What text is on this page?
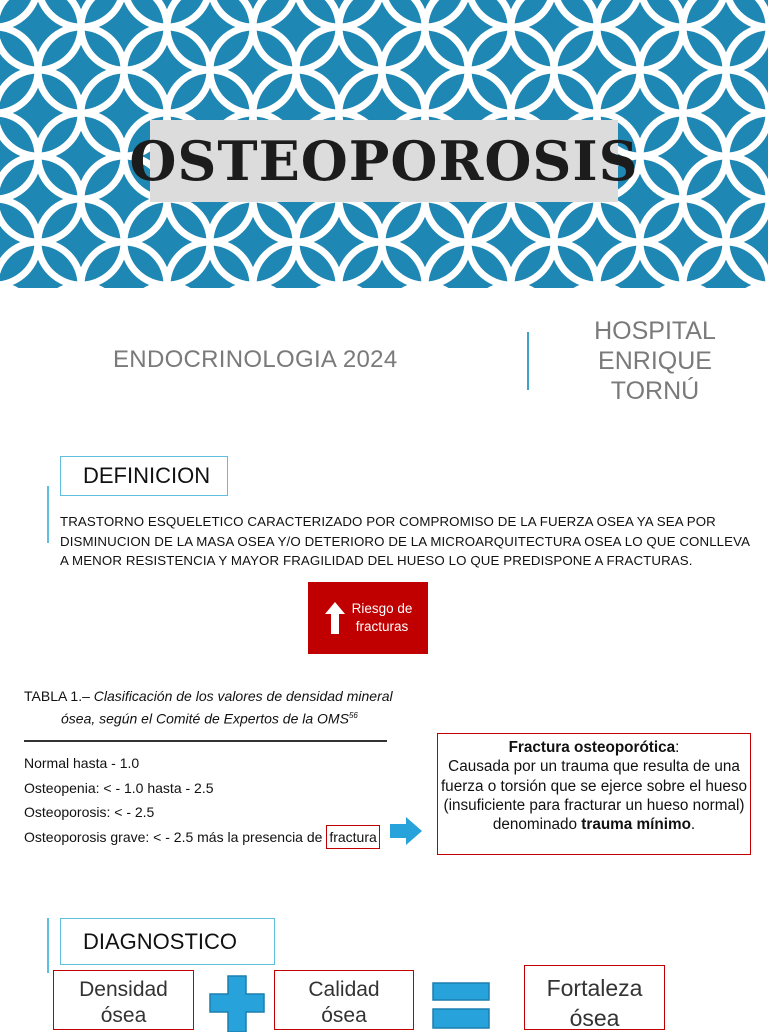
OSTEOPOROSIS
ENDOCRINOLOGIA 2024
HOSPITAL
ENRIQUE
TORNÚ
DEFINICION
TRASTORNO ESQUELETICO CARACTERIZADO POR COMPROMISO DE LA FUERZA OSEA YA SEA POR DISMINUCION DE LA MASA OSEA Y/O DETERIORO DE LA MICROARQUITECTURA OSEA LO QUE CONLLEVA A MENOR RESISTENCIA Y MAYOR FRAGILIDAD DEL HUESO LO QUE PREDISPONE A FRACTURAS.
Riesgo de
fracturas
TABLA 1.– Clasificación de los valores de densidad mineral
ósea, según el Comité de Expertos de la OMS$^{56}$
Normal hasta - 1.0
Osteopenia: < - 1.0 hasta - 2.5
Osteoporosis: < - 2.5
Osteoporosis grave: < - 2.5 más la presencia de fractura
Fractura osteoporótica:
Causada por un trauma que resulta de una fuerza o torsión que se ejerce sobre el hueso (insuficiente para fracturar un hueso normal) denominado trauma mínimo.
DIAGNOSTICO
Densidad
ósea
Calidad
ósea
Fortaleza
ósea
